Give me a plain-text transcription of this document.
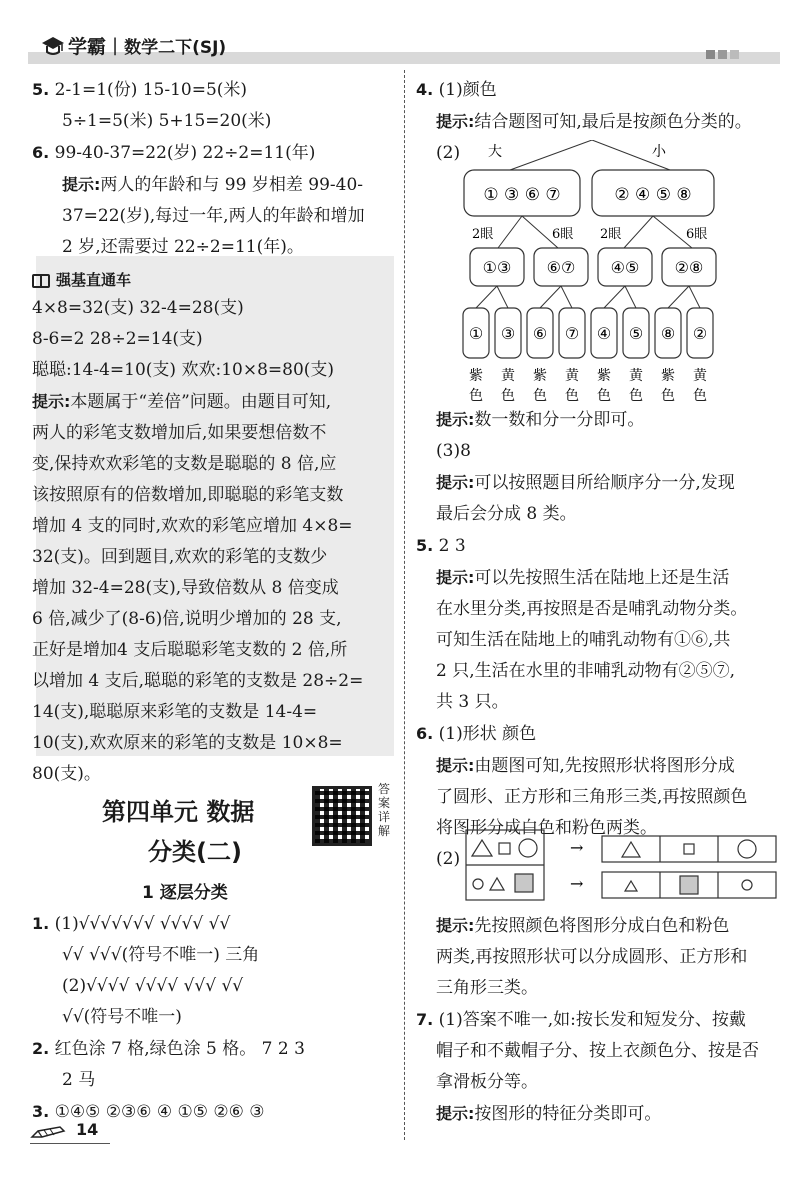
学霸 | 数学二下(SJ)
5. 2-1=1(份) 15-10=5(米)
5÷1=5(米) 5+15=20(米)
6. 99-40-37=22(岁) 22÷2=11(年)
提示:两人的年龄和与 99 岁相差 99-40-
37=22(岁),每过一年,两人的年龄和增加
2 岁,还需要过 22÷2=11(年)。
强基直通车
4×8=32(支) 32-4=28(支)
8-6=2 28÷2=14(支)
聪聪:14-4=10(支) 欢欢:10×8=80(支)
提示:本题属于“差倍”问题。由题目可知,
两人的彩笔支数增加后,如果要想倍数不
变,保持欢欢彩笔的支数是聪聪的 8 倍,应
该按照原有的倍数增加,即聪聪的彩笔支数
增加 4 支的同时,欢欢的彩笔应增加 4×8=
32(支)。回到题目,欢欢的彩笔的支数少
增加 32-4=28(支),导致倍数从 8 倍变成
6 倍,减少了(8-6)倍,说明少增加的 28 支,
正好是增加4 支后聪聪彩笔支数的 2 倍,所
以增加 4 支后,聪聪的彩笔的支数是 28÷2=
14(支),聪聪原来彩笔的支数是 14-4=
10(支),欢欢原来的彩笔的支数是 10×8=
80(支)。
第四单元 数据
分类(二)
答案详解
1 逐层分类
1. (1)√√√√√√√ √√√√ √√
√√ √√√(符号不唯一) 三角
(2)√√√√ √√√√ √√√ √√
√√(符号不唯一)
2. 红色涂 7 格,绿色涂 5 格。 7 2 3
2 马
3. ①④⑤ ②③⑥ ④ ①⑤ ②⑥ ③
4. (1)颜色
提示:结合题图可知,最后是按颜色分类的。
(2)	大	小
① ③ ⑥ ⑦	② ④ ⑤ ⑧
2眼	6眼 2眼	6眼
①③ ⑥⑦ ④⑤ ②⑧
①
紫
色
③
黄
色
⑥
紫
色
⑦
黄
色
④
紫
色
⑤
黄
色
⑧
紫
色
②
黄
色
提示:数一数和分一分即可。
(3)8
提示:可以按照题目所给顺序分一分,发现
最后会分成 8 类。
5. 2 3
提示:可以先按照生活在陆地上还是生活
在水里分类,再按照是否是哺乳动物分类。
可知生活在陆地上的哺乳动物有①⑥,共
2 只,生活在水里的非哺乳动物有②⑤⑦,
共 3 只。
6. (1)形状 颜色
提示:由题图可知,先按照形状将图形分成
了圆形、正方形和三角形三类,再按照颜色
将图形分成白色和粉色两类。
(2)
→
→
提示:先按照颜色将图形分成白色和粉色
两类,再按照形状可以分成圆形、正方形和
三角形三类。
7. (1)答案不唯一,如:按长发和短发分、按戴
帽子和不戴帽子分、按上衣颜色分、按是否
拿滑板分等。
提示:按图形的特征分类即可。
14
